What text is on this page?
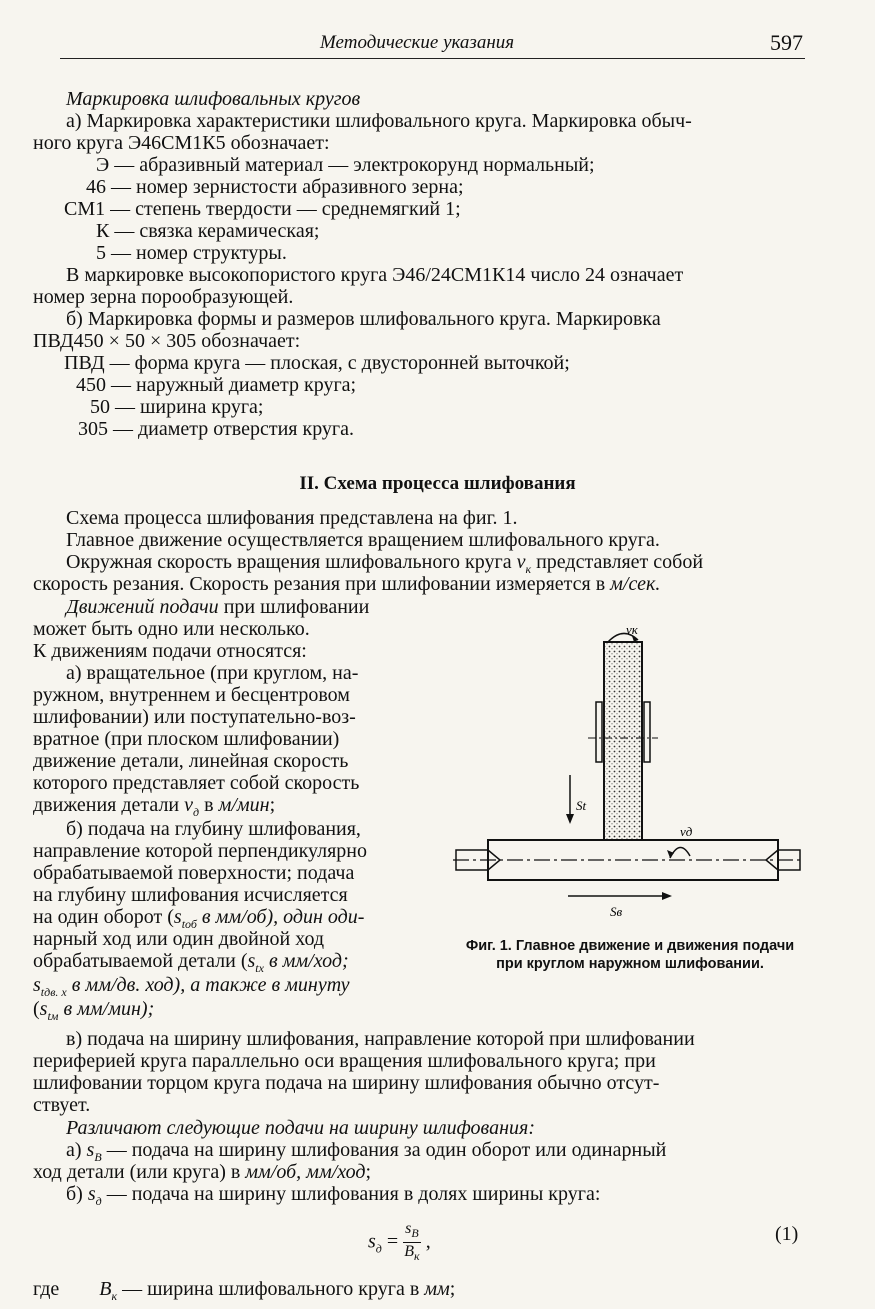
Методические указания	597
Маркировка шлифовальных кругов
а) Маркировка характеристики шлифовального круга. Маркировка обыч-
ного круга Э46СМ1К5 обозначает:
Э — абразивный материал — электрокорунд нормальный;
46 — номер зернистости абразивного зерна;
СМ1 — степень твердости — среднемягкий 1;
К — связка керамическая;
5 — номер структуры.
В маркировке высокопористого круга Э46/24СМ1К14 число 24 означает
номер зерна порообразующей.
б) Маркировка формы и размеров шлифовального круга. Маркировка
ПВД450 × 50 × 305 обозначает:
ПВД — форма круга — плоская, с двусторонней выточкой;
450 — наружный диаметр круга;
50 — ширина круга;
305 — диаметр отверстия круга.
II. Схема процесса шлифования
Схема процесса шлифования представлена на фиг. 1.
Главное движение осуществляется вращением шлифовального круга.
Окружная скорость вращения шлифовального круга $v_к$ представляет собой
скорость резания. Скорость резания при шлифовании измеряется в м/сек.
Движений подачи при шлифовании
может быть одно или несколько.
К движениям подачи относятся:
а) вращательное (при круглом, на-
ружном, внутреннем и бесцентровом
шлифовании) или поступательно-воз-
вратное (при плоском шлифовании)
движение детали, линейная скорость
которого представляет собой скорость
движения детали $v_д$ в м/мин;
б) подача на глубину шлифования,
направление которой перпендикулярно
обрабатываемой поверхности; подача
на глубину шлифования исчисляется
на один оборот ($s_{tоб}$ в мм/об), один оди-
нарный ход или один двойной ход
обрабатываемой детали ($s_{tx}$ в мм/ход;
$s_{tдв. x}$ в мм/дв. ход), а также в минуту
($s_{tм}$ в мм/мин);
vк
St
vд
Sв
Фиг. 1. Главное движение и движения подачи при круглом наружном шлифовании.
в) подача на ширину шлифования, направление которой при шлифовании
периферией круга параллельно оси вращения шлифовального круга; при
шлифовании торцом круга подача на ширину шлифования обычно отсут-
ствует.
Различают следующие подачи на ширину шлифования:
а) $s_B$ — подача на ширину шлифования за один оборот или одинарный
ход детали (или круга) в мм/об, мм/ход;
б) $s_д$ — подача на ширину шлифования в долях ширины круга:
$s_д = \frac{s_B}{B_к}$ ,	(1)
где $B_к$ — ширина шлифовального круга в мм;
